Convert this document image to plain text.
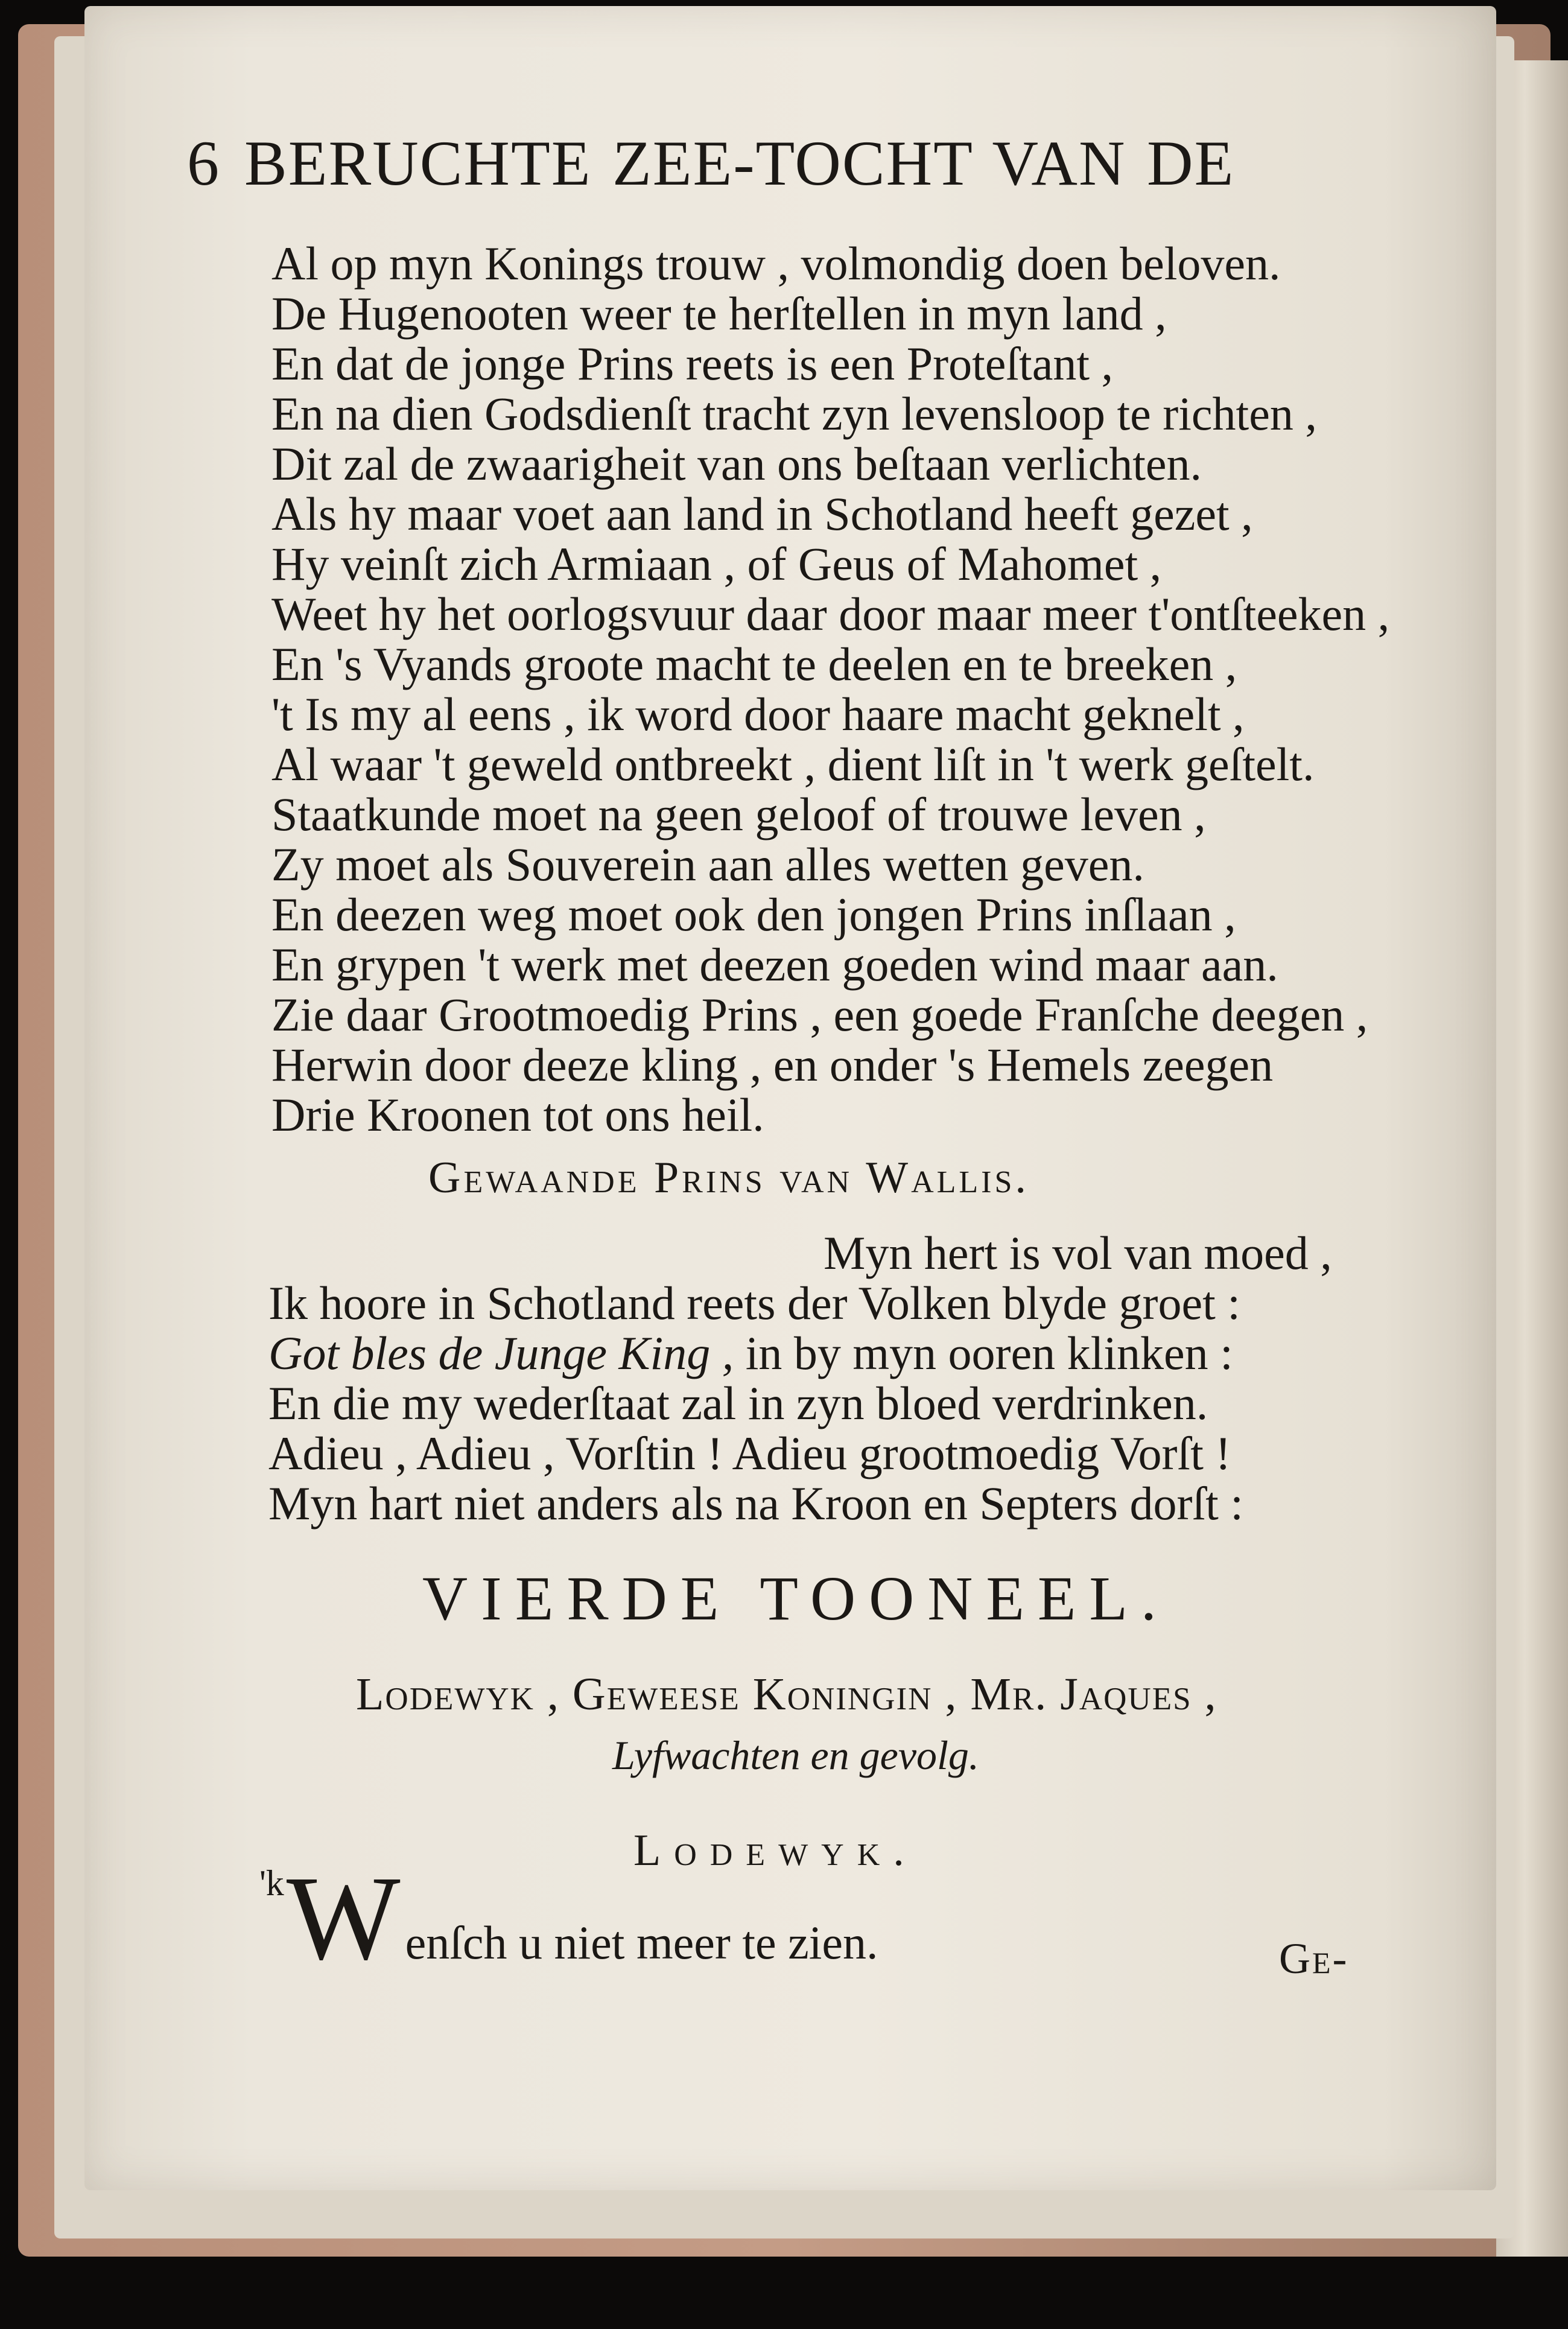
6 BERUCHTE ZEE-TOCHT VAN DE
Al op myn Konings trouw , volmondig doen beloven.
De Hugenooten weer te herſtellen in myn land ,
En dat de jonge Prins reets is een Proteſtant ,
En na dien Godsdienſt tracht zyn levensloop te richten ,
Dit zal de zwaarigheit van ons beſtaan verlichten.
Als hy maar voet aan land in Schotland heeft gezet ,
Hy veinſt zich Armiaan , of Geus of Mahomet ,
Weet hy het oorlogsvuur daar door maar meer t'ontſteeken ,
En 's Vyands groote macht te deelen en te breeken ,
't Is my al eens , ik word door haare macht geknelt ,
Al waar 't geweld ontbreekt , dient liſt in 't werk geſtelt.
Staatkunde moet na geen geloof of trouwe leven ,
Zy moet als Souverein aan alles wetten geven.
En deezen weg moet ook den jongen Prins inſlaan ,
En grypen 't werk met deezen goeden wind maar aan.
Zie daar Grootmoedig Prins , een goede Franſche deegen ,
Herwin door deeze kling , en onder 's Hemels zeegen
Drie Kroonen tot ons heil.
Gewaande Prins van Wallis.
Myn hert is vol van moed ,
Ik hoore in Schotland reets der Volken blyde groet :
Got bles de Junge King , in by myn ooren klinken :
En die my wederſtaat zal in zyn bloed verdrinken.
Adieu , Adieu , Vorſtin ! Adieu grootmoedig Vorſt !
Myn hart niet anders als na Kroon en Septers dorſt :
VIERDE TOONEEL.
Lodewyk , Geweese Koningin , Mr. Jaques ,
Lyfwachten en gevolg.
Lodewyk.
$^{'k}$W enſch u niet meer te zien.	Ge-
